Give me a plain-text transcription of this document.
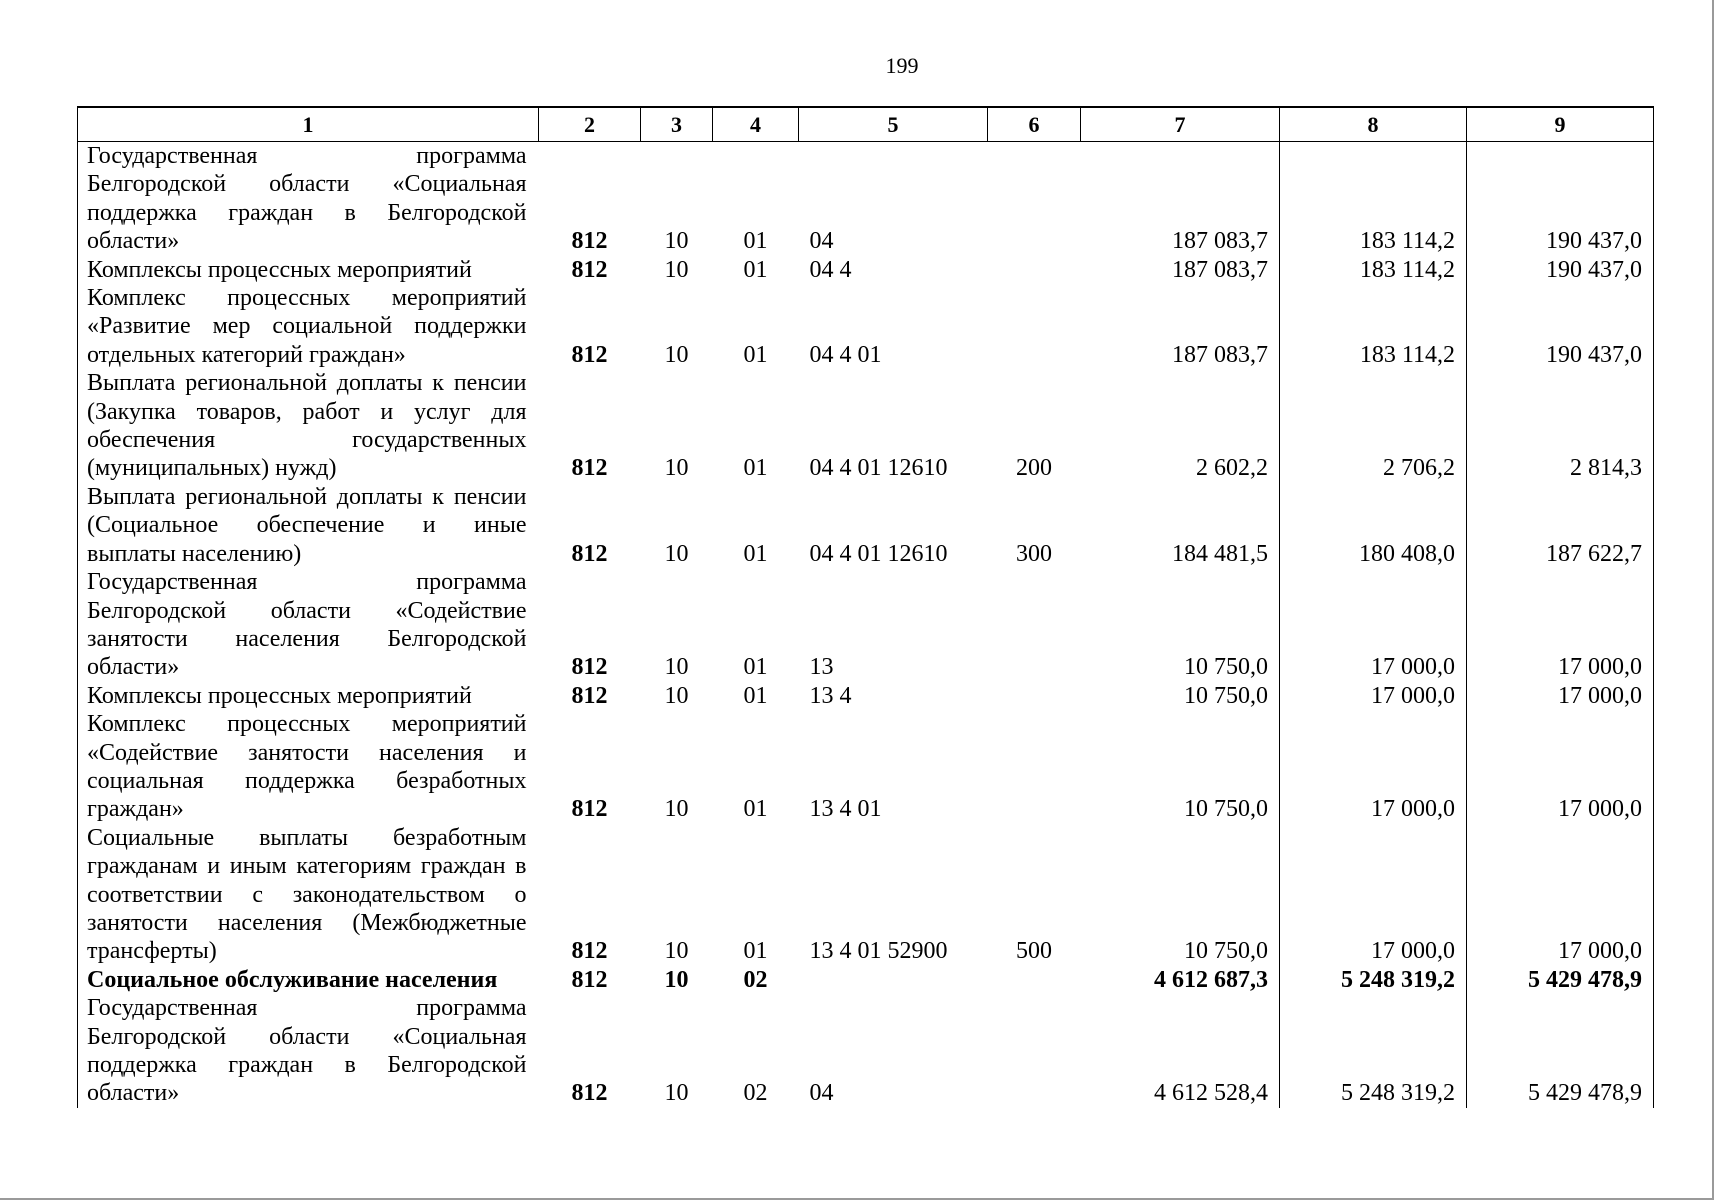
199
1	2	3	4	5	6	7	8	9

Государственная программа
Белгородской области «Социальная
поддержка граждан в Белгородской
области»	812	10	01	04		187 083,7	183 114,2	190 437,0

Комплексы процессных мероприятий	812	10	01	04 4		187 083,7	183 114,2	190 437,0

Комплекс процессных мероприятий
«Развитие мер социальной поддержки
отдельных категорий граждан»	812	10	01	04 4 01		187 083,7	183 114,2	190 437,0

Выплата региональной доплаты к пенсии
(Закупка товаров, работ и услуг для
обеспечения государственных
(муниципальных) нужд)	812	10	01	04 4 01 12610	200	2 602,2	2 706,2	2 814,3

Выплата региональной доплаты к пенсии
(Социальное обеспечение и иные
выплаты населению)	812	10	01	04 4 01 12610	300	184 481,5	180 408,0	187 622,7

Государственная программа
Белгородской области «Содействие
занятости населения Белгородской
области»	812	10	01	13		10 750,0	17 000,0	17 000,0

Комплексы процессных мероприятий	812	10	01	13 4		10 750,0	17 000,0	17 000,0

Комплекс процессных мероприятий
«Содействие занятости населения и
социальная поддержка безработных
граждан»	812	10	01	13 4 01		10 750,0	17 000,0	17 000,0

Социальные выплаты безработным
гражданам и иным категориям граждан в
соответствии с законодательством о
занятости населения (Межбюджетные
трансферты)	812	10	01	13 4 01 52900	500	10 750,0	17 000,0	17 000,0

Социальное обслуживание населения	812	10	02			4 612 687,3	5 248 319,2	5 429 478,9

Государственная программа
Белгородской области «Социальная
поддержка граждан в Белгородской
области»	812	10	02	04		4 612 528,4	5 248 319,2	5 429 478,9
